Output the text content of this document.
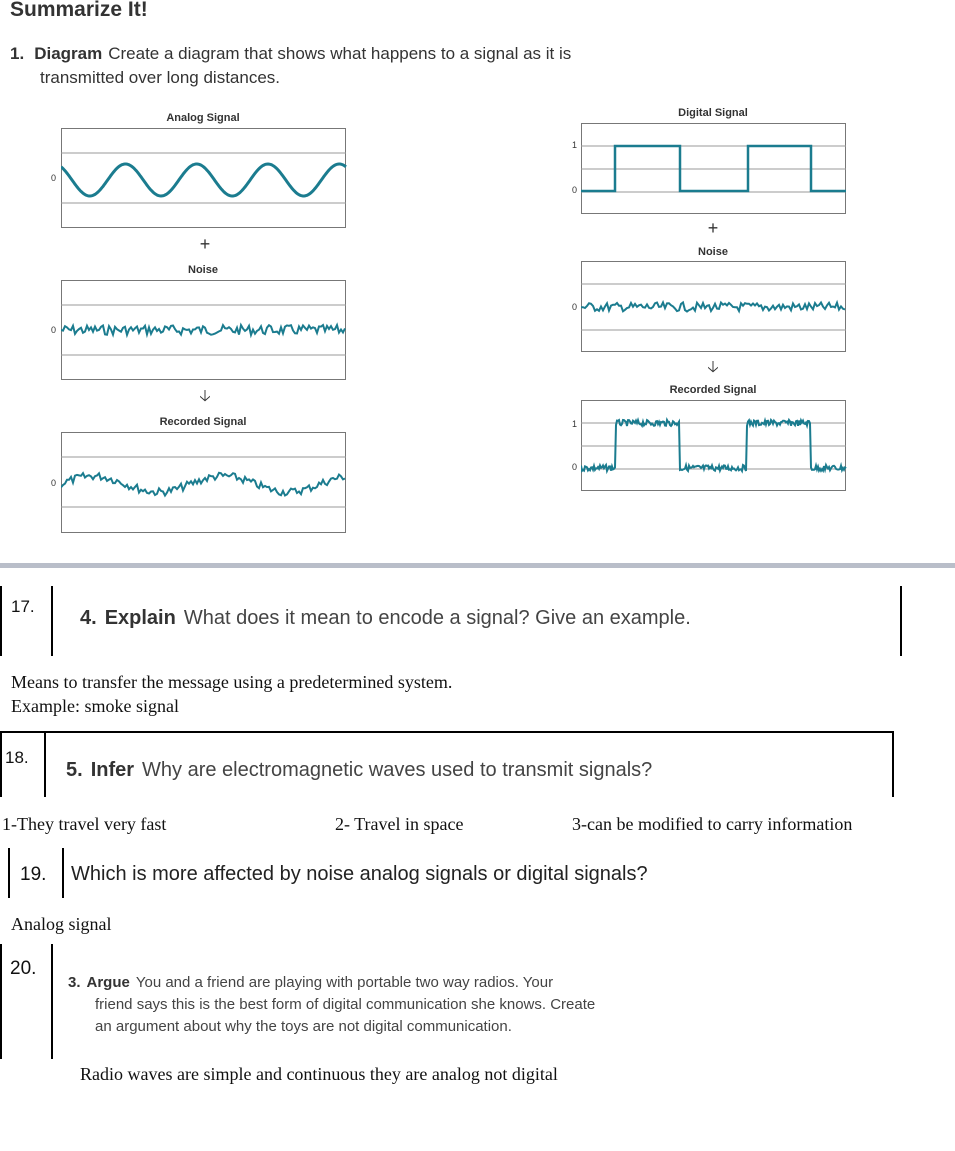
Summarize It!
1. Diagram Create a diagram that shows what happens to a signal as it is
transmitted over long distances.
Analog Signal
0
+
Noise
0
🡣
Recorded Signal
0
Digital Signal
1
0
+
Noise
0
🡣
Recorded Signal
1
0
17.
4. Explain What does it mean to encode a signal? Give an example.
Means to transfer the message using a predetermined system.
Example: smoke signal
18.
5. Infer Why are electromagnetic waves used to transmit signals?
1-They travel very fast	2- Travel in space	3-can be modified to carry information
19. Which is more affected by noise analog signals or digital signals?
Analog signal
20.
3. Argue You and a friend are playing with portable two way radios. Your
friend says this is the best form of digital communication she knows. Create
an argument about why the toys are not digital communication.
Radio waves are simple and continuous they are analog not digital
